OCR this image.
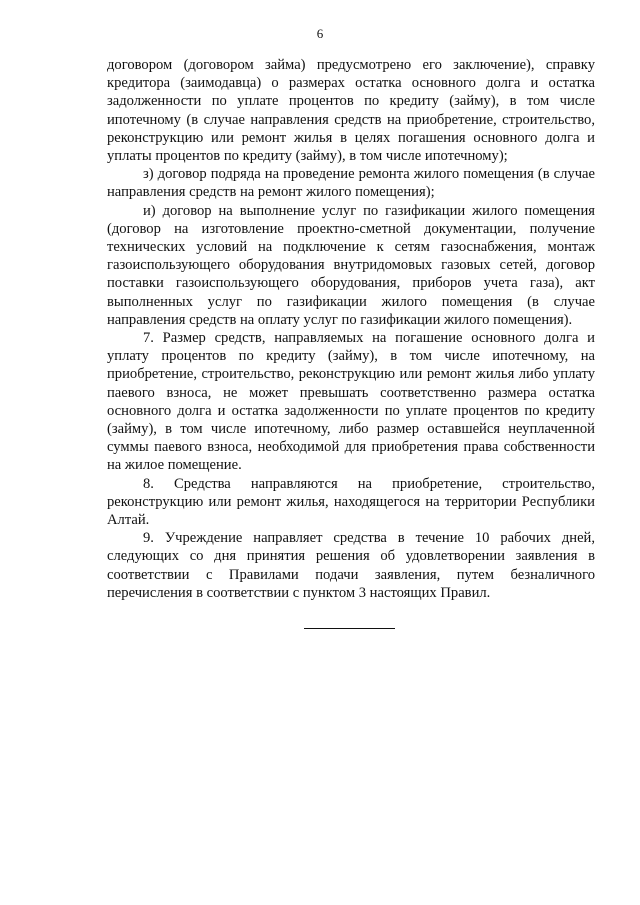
6

договором (договором займа) предусмотрено его заключение), справку кредитора (заимодавца) о размерах остатка основного долга и остатка задолженности по уплате процентов по кредиту (займу), в том числе ипотечному (в случае направления средств на приобретение, строительство, реконструкцию или ремонт жилья в целях погашения основного долга и уплаты процентов по кредиту (займу), в том числе ипотечному);

з) договор подряда на проведение ремонта жилого помещения (в случае направления средств на ремонт жилого помещения);

и) договор на выполнение услуг по газификации жилого помещения (договор на изготовление проектно-сметной документации, получение технических условий на подключение к сетям газоснабжения, монтаж газоиспользующего оборудования внутридомовых газовых сетей, договор поставки газоиспользующего оборудования, приборов учета газа), акт выполненных услуг по газификации жилого помещения (в случае направления средств на оплату услуг по газификации жилого помещения).

7. Размер средств, направляемых на погашение основного долга и уплату процентов по кредиту (займу), в том числе ипотечному, на приобретение, строительство, реконструкцию или ремонт жилья либо уплату паевого взноса, не может превышать соответственно размера остатка основного долга и остатка задолженности по уплате процентов по кредиту (займу), в том числе ипотечному, либо размер оставшейся неуплаченной суммы паевого взноса, необходимой для приобретения права собственности на жилое помещение.

8. Средства направляются на приобретение, строительство, реконструкцию или ремонт жилья, находящегося на территории Республики Алтай.

9. Учреждение направляет средства в течение 10 рабочих дней, следующих со дня принятия решения об удовлетворении заявления в соответствии с Правилами подачи заявления, путем безналичного перечисления в соответствии с пунктом 3 настоящих Правил.
